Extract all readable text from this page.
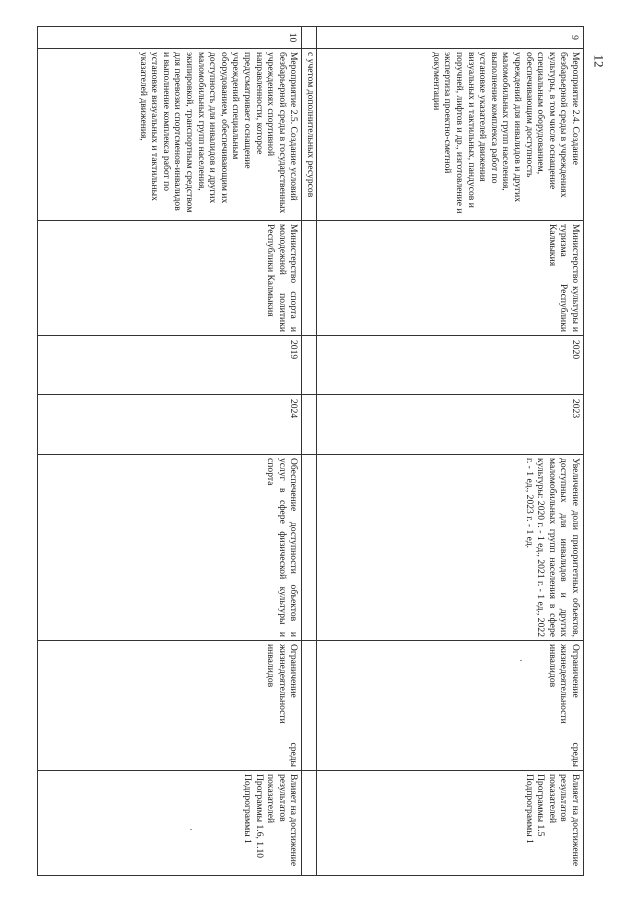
9	Мероприятие 2.4. Создание безбарьерной среды в учреждениях культуры, в том числе оснащение специальным оборудованием, обеспечивающим доступность учреждений для инвалидов и других маломобильных групп населения, выполнение комплекса работ по установке указателей движения визуальных и тактильных, пандусов и поручней, лифтов и др., изготовление и экспертиза проектно-сметной документации	Министерство культуры и туризма Республики Калмыкия	2020	2023	Увеличение доли приоритетных объектов, доступных для инвалидов и других маломобильных групп населения в сфере культуры: 2020 г. - 1 ед., 2021 г. - 1 ед., 2022 г. - 1 ед., 2023 г. - 1 ед.	Ограничение среды жизнедеятельности инвалидов	Влияет на достижение результатов показателей Программы 1.5 Подпрограммы 1
	с учетом дополнительных ресурсов						
10	Мероприятие 2.5. Создание условий безбарьерной среды в государственных учреждениях спортивной направленности, которое предусматривает оснащение учреждений специальным оборудованием, обеспечивающим их доступность для инвалидов и других маломобильных групп населения, экипировкой, транспортным средством для перевозки спортсменов-инвалидов и выполнение комплекса работ по установке визуальных и тактильных указателей движения,	Министерство спорта и молодежной политики Республики Калмыкия	2019	2024	Обеспечение доступности объектов и услуг в сфере физической культуры и спорта	Ограничение среды жизнедеятельности инвалидов	Влияет на достижение результатов показателей Программы 1.6, 1.10 Подпрограммы 1
12
